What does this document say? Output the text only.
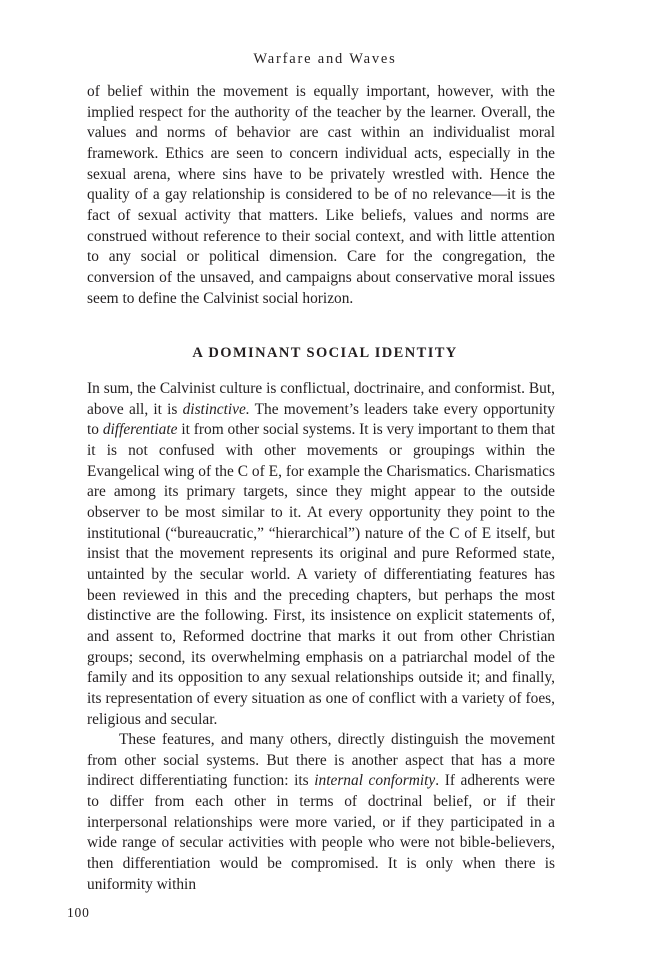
Warfare and Waves

of belief within the movement is equally important, however, with the implied respect for the authority of the teacher by the learner. Overall, the values and norms of behavior are cast within an individualist moral framework. Ethics are seen to concern individual acts, especially in the sexual arena, where sins have to be privately wrestled with. Hence the quality of a gay relationship is considered to be of no relevance—it is the fact of sexual activity that matters. Like beliefs, values and norms are construed without reference to their social context, and with little attention to any social or political dimension. Care for the congregation, the conversion of the unsaved, and campaigns about conservative moral issues seem to define the Calvinist social horizon.

A DOMINANT SOCIAL IDENTITY

In sum, the Calvinist culture is conflictual, doctrinaire, and conformist. But, above all, it is distinctive. The movement’s leaders take every opportunity to differentiate it from other social systems. It is very important to them that it is not confused with other movements or groupings within the Evangelical wing of the C of E, for example the Charismatics. Charismatics are among its primary targets, since they might appear to the outside observer to be most similar to it. At every opportunity they point to the institutional (“bureaucratic,” “hierarchical”) nature of the C of E itself, but insist that the movement represents its original and pure Reformed state, untainted by the secular world. A variety of differentiating features has been reviewed in this and the preceding chapters, but perhaps the most distinctive are the following. First, its insistence on explicit statements of, and assent to, Reformed doctrine that marks it out from other Christian groups; second, its overwhelming emphasis on a patriarchal model of the family and its opposition to any sexual relationships outside it; and finally, its representation of every situation as one of conflict with a variety of foes, religious and secular.

These features, and many others, directly distinguish the movement from other social systems. But there is another aspect that has a more indirect differentiating function: its internal conformity. If adherents were to differ from each other in terms of doctrinal belief, or if their interpersonal relationships were more varied, or if they participated in a wide range of secular activities with people who were not bible-believers, then differentiation would be compromised. It is only when there is uniformity within

100
